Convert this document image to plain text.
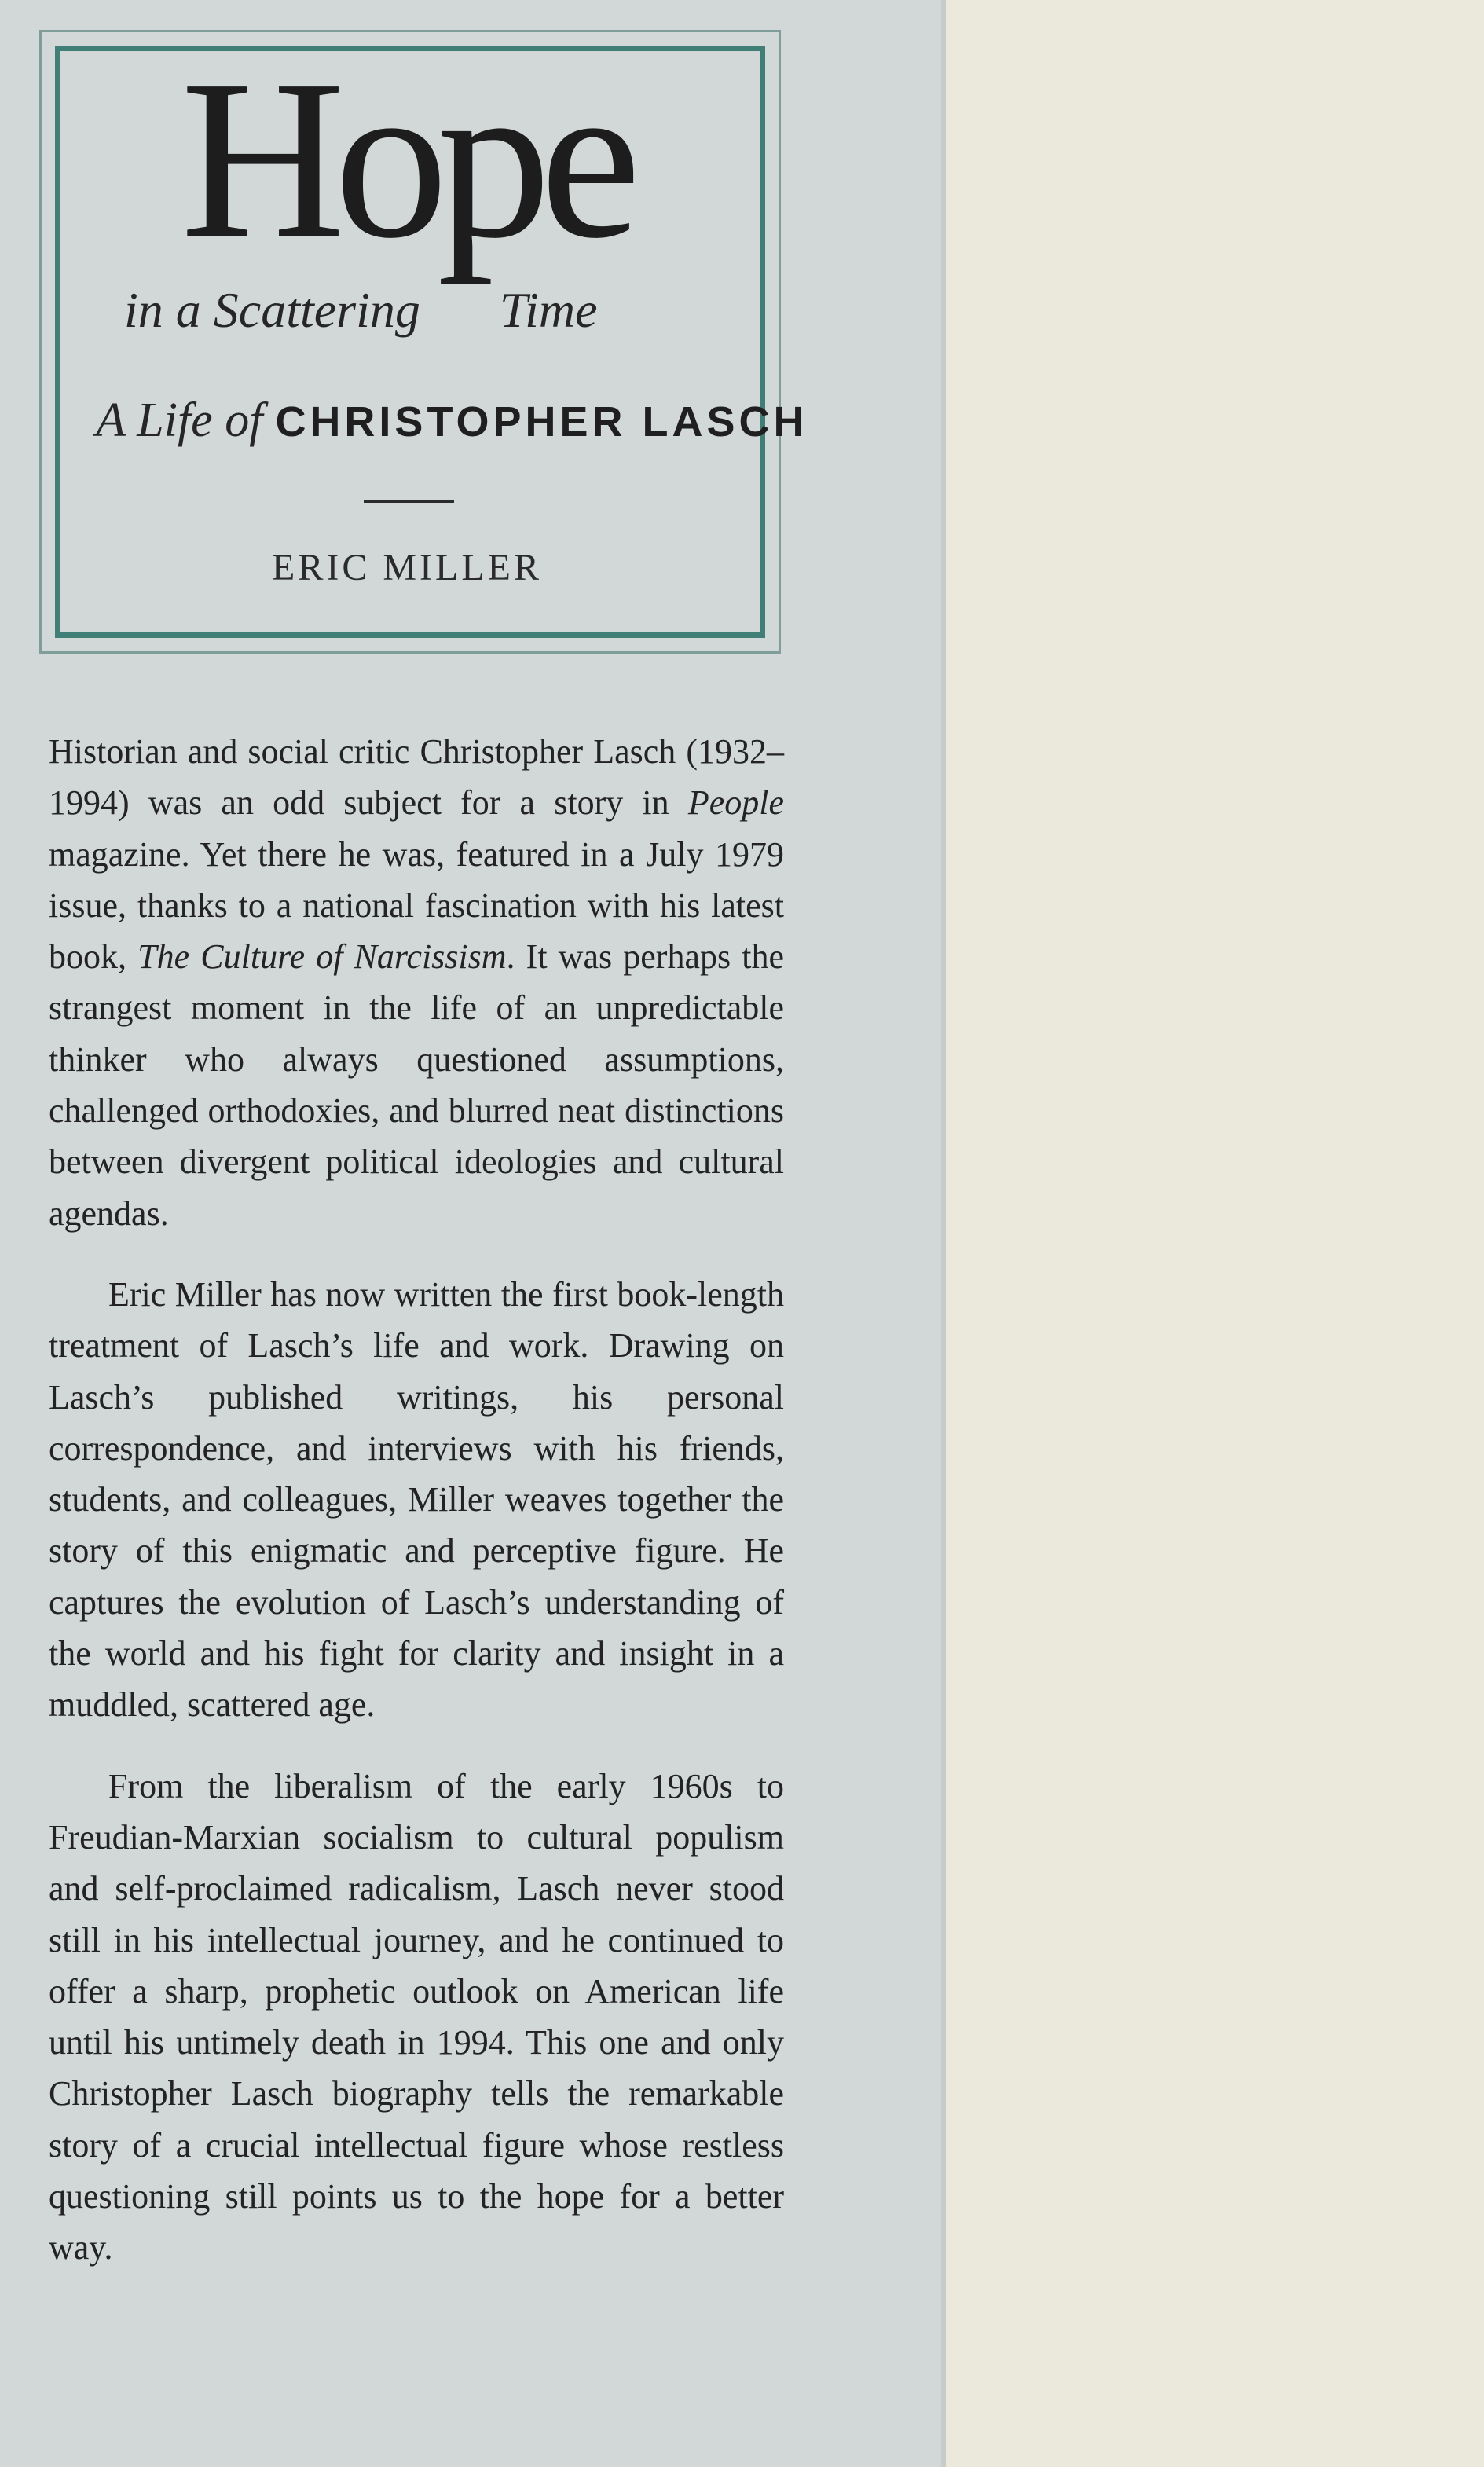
Hope
in a Scattering Time
A Life of CHRISTOPHER LASCH
ERIC MILLER

Historian and social critic Christopher Lasch (1932–1994) was an odd subject for a story in People magazine. Yet there he was, featured in a July 1979 issue, thanks to a national fascination with his latest book, The Culture of Narcissism. It was perhaps the strangest moment in the life of an unpredictable thinker who always questioned assumptions, challenged orthodoxies, and blurred neat distinctions between divergent political ideologies and cultural agendas.

Eric Miller has now written the first book-length treatment of Lasch’s life and work. Drawing on Lasch’s published writings, his personal correspondence, and interviews with his friends, students, and colleagues, Miller weaves together the story of this enigmatic and perceptive figure. He captures the evolution of Lasch’s understanding of the world and his fight for clarity and insight in a muddled, scattered age.

From the liberalism of the early 1960s to Freudian-Marxian socialism to cultural populism and self-proclaimed radicalism, Lasch never stood still in his intellectual journey, and he continued to offer a sharp, prophetic outlook on American life until his untimely death in 1994. This one and only Christopher Lasch biography tells the remarkable story of a crucial intellectual figure whose restless questioning still points us to the hope for a better way.
